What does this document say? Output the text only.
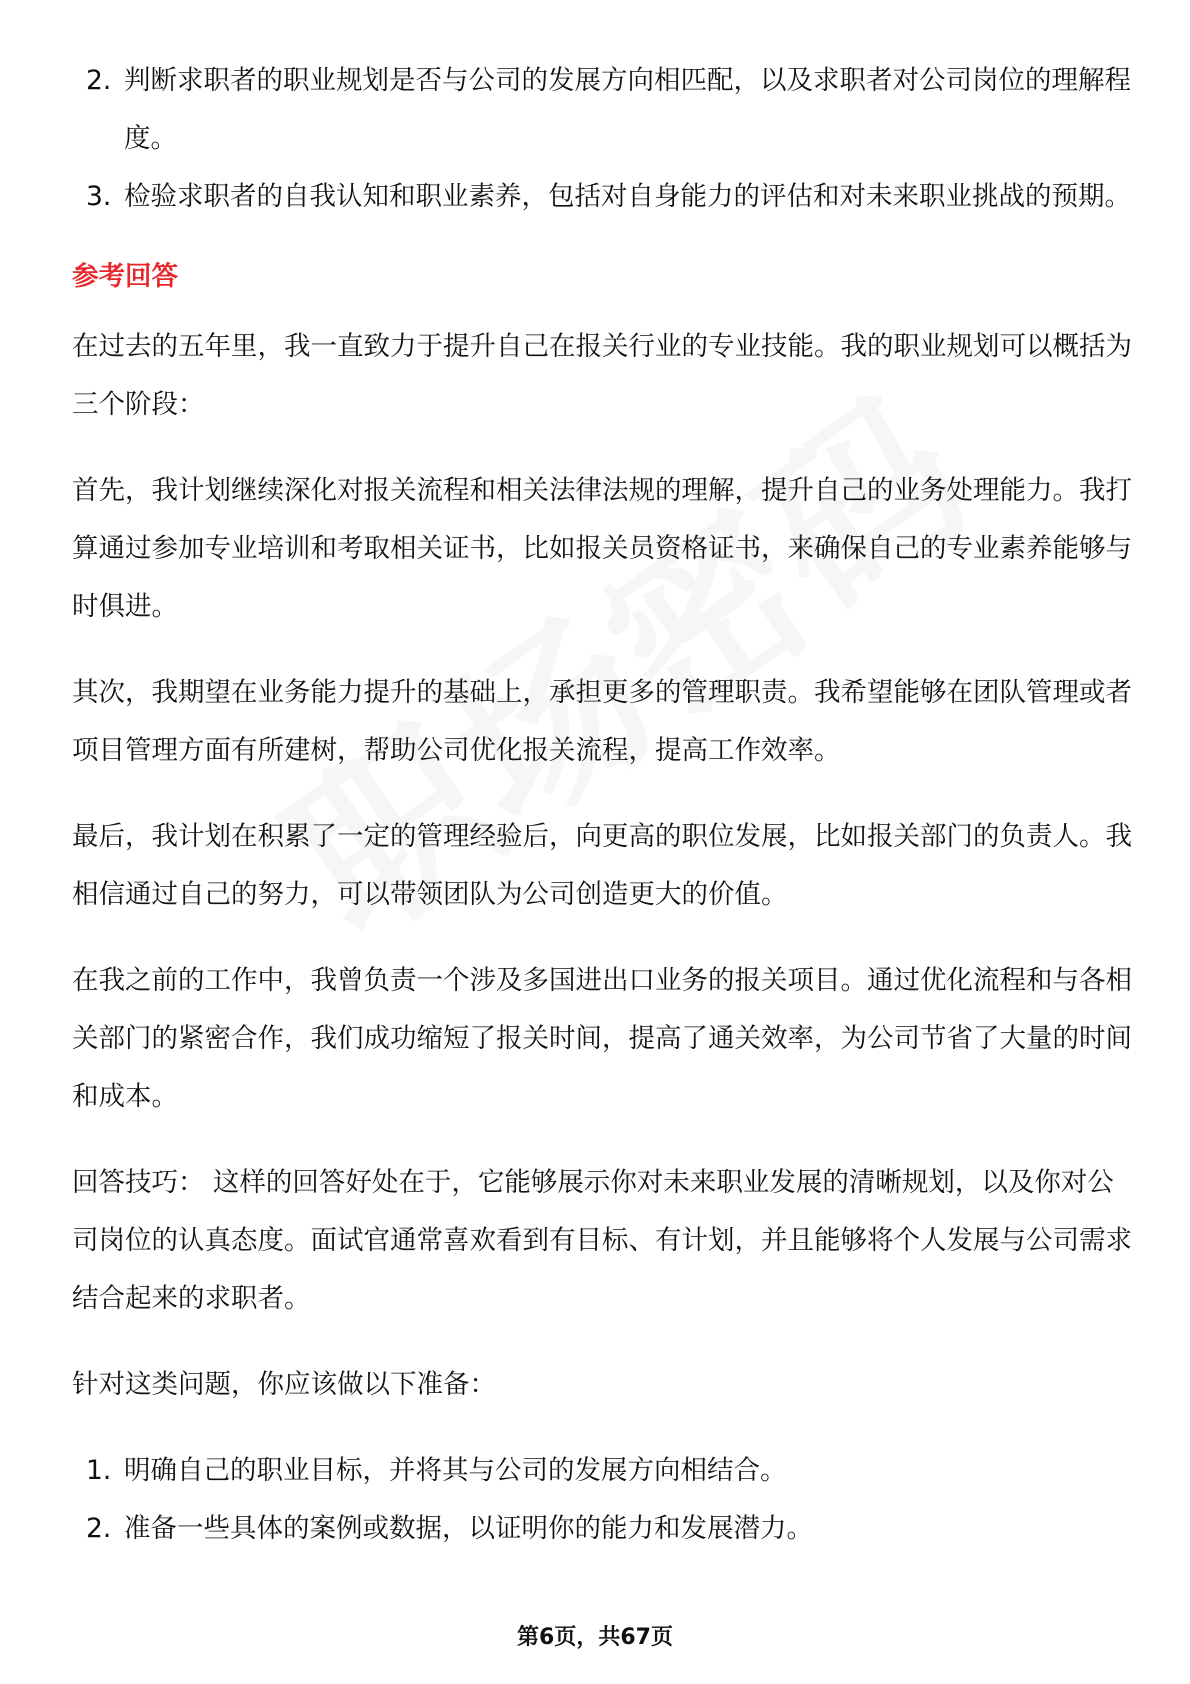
2. 判断求职者的职业规划是否与公司的发展方向相匹配，以及求职者对公司岗位的理解程度。
3. 检验求职者的自我认知和职业素养，包括对自身能力的评估和对未来职业挑战的预期。
参考回答

在过去的五年里，我一直致力于提升自己在报关行业的专业技能。我的职业规划可以概括为三个阶段：

首先，我计划继续深化对报关流程和相关法律法规的理解，提升自己的业务处理能力。我打算通过参加专业培训和考取相关证书，比如报关员资格证书，来确保自己的专业素养能够与时俱进。

其次，我期望在业务能力提升的基础上，承担更多的管理职责。我希望能够在团队管理或者项目管理方面有所建树，帮助公司优化报关流程，提高工作效率。

最后，我计划在积累了一定的管理经验后，向更高的职位发展，比如报关部门的负责人。我相信通过自己的努力，可以带领团队为公司创造更大的价值。

在我之前的工作中，我曾负责一个涉及多国进出口业务的报关项目。通过优化流程和与各相关部门的紧密合作，我们成功缩短了报关时间，提高了通关效率，为公司节省了大量的时间和成本。

回答技巧： 这样的回答好处在于，它能够展示你对未来职业发展的清晰规划，以及你对公司岗位的认真态度。面试官通常喜欢看到有目标、有计划，并且能够将个人发展与公司需求结合起来的求职者。

针对这类问题，你应该做以下准备：

1. 明确自己的职业目标，并将其与公司的发展方向相结合。
2. 准备一些具体的案例或数据，以证明你的能力和发展潜力。
第6页，共67页
